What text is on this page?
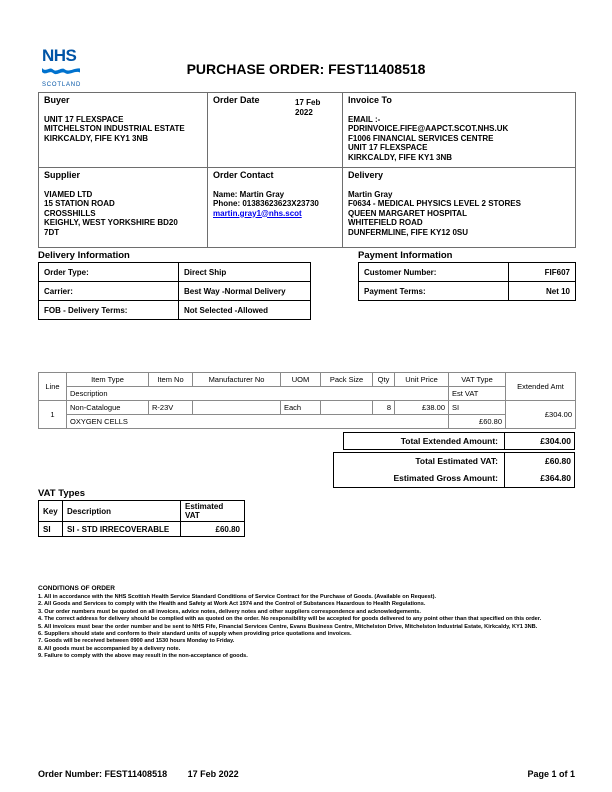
NHS
SCOTLAND
PURCHASE ORDER: FEST11408518
Buyer
UNIT 17 FLEXSPACE
MITCHELSTON INDUSTRIAL ESTATE
KIRKCALDY, FIFE KY1 3NB

Order Date	17 Feb 2022

Invoice To
EMAIL :-
PDRINVOICE.FIFE@AAPCT.SCOT.NHS.UK
F1006 FINANCIAL SERVICES CENTRE
UNIT 17 FLEXSPACE
KIRKCALDY, FIFE KY1 3NB

Supplier
VIAMED LTD
15 STATION ROAD
CROSSHILLS
KEIGHLY, WEST YORKSHIRE BD20
7DT

Order Contact
Name: Martin Gray
Phone: 01383623623X23730
martin.gray1@nhs.scot	
Delivery
Martin Gray
F0634 - MEDICAL PHYSICS LEVEL 2 STORES
QUEEN MARGARET HOSPITAL
WHITEFIELD ROAD
DUNFERMLINE, FIFE KY12 0SU
Delivery Information
Order Type:	Direct Ship
Carrier:	Best Way -Normal Delivery
FOB - Delivery Terms:	Not Selected -Allowed
Payment Information
Customer Number:	FIF607
Payment Terms:	Net 10
Line	Item Type	Item No	Manufacturer No	UOM	Pack Size	Qty	Unit Price	VAT Type	Extended Amt
	Description							Est VAT	
1	Non-Catalogue	R-23V		Each		8	£38.00	SI	£304.00
	OXYGEN CELLS							£60.80	
Total Extended Amount:	£304.00
Total Estimated VAT:	£60.80
Estimated Gross Amount:	£364.80
VAT Types
Key	Description	Estimated VAT
SI	SI - STD IRRECOVERABLE	£60.80
CONDITIONS OF ORDER
1. All in accordance with the NHS Scottish Health Service Standard Conditions of Service Contract for the Purchase of Goods. (Available on Request).
2. All Goods and Services to comply with the Health and Safety at Work Act 1974 and the Control of Substances Hazardous to Health Regulations.
3. Our order numbers must be quoted on all invoices, advice notes, delivery notes and other suppliers correspondence and acknowledgements.
4. The correct address for delivery should be complied with as quoted on the order. No responsibility will be accepted for goods delivered to any point other than that specified on this order.
5. All invoices must bear the order number and be sent to NHS Fife, Financial Services Centre, Evans Business Centre, Mitchelston Drive, Mitchelston Industrial Estate, Kirkcaldy, KY1 3NB.
6. Suppliers should state and conform to their standard units of supply when providing price quotations and invoices.
7. Goods will be received between 0900 and 1530 hours Monday to Friday.
8. All goods must be accompanied by a delivery note.
9. Failure to comply with the above may result in the non-acceptance of goods.
Order Number: FEST11408518 17 Feb 2022	Page 1 of 1
